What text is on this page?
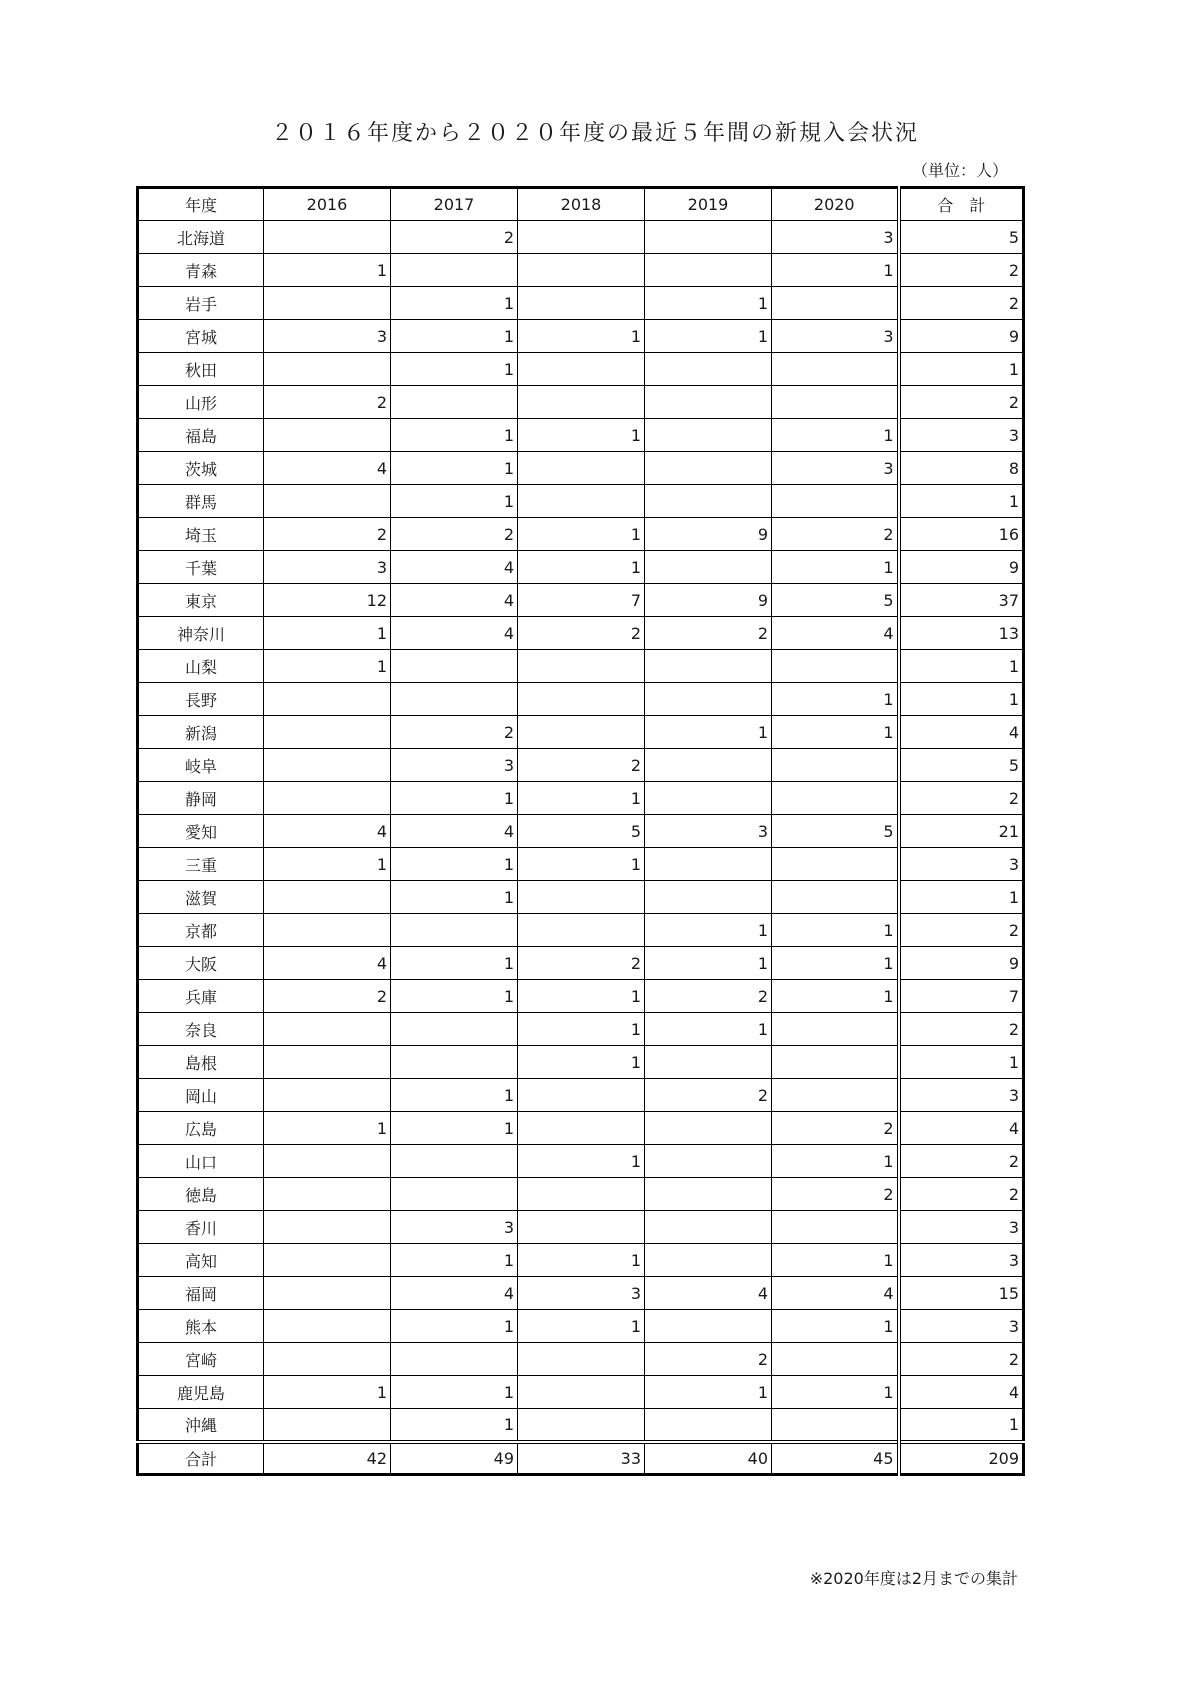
２０１６年度から２０２０年度の最近５年間の新規入会状況
（単位：人）
年度	2016	2017	2018	2019	2020	合　計
北海道		2			3	5
青森	1				1	2
岩手		1		1		2
宮城	3	1	1	1	3	9
秋田		1				1
山形	2					2
福島		1	1		1	3
茨城	4	1			3	8
群馬		1				1
埼玉	2	2	1	9	2	16
千葉	3	4	1		1	9
東京	12	4	7	9	5	37
神奈川	1	4	2	2	4	13
山梨	1					1
長野					1	1
新潟		2		1	1	4
岐阜		3	2			5
静岡		1	1			2
愛知	4	4	5	3	5	21
三重	1	1	1			3
滋賀		1				1
京都				1	1	2
大阪	4	1	2	1	1	9
兵庫	2	1	1	2	1	7
奈良			1	1		2
島根			1			1
岡山		1		2		3
広島	1	1			2	4
山口			1		1	2
徳島					2	2
香川		3				3
高知		1	1		1	3
福岡		4	3	4	4	15
熊本		1	1		1	3
宮崎				2		2
鹿児島	1	1		1	1	4
沖縄		1				1
合計	42	49	33	40	45	209
※2020年度は2月までの集計
